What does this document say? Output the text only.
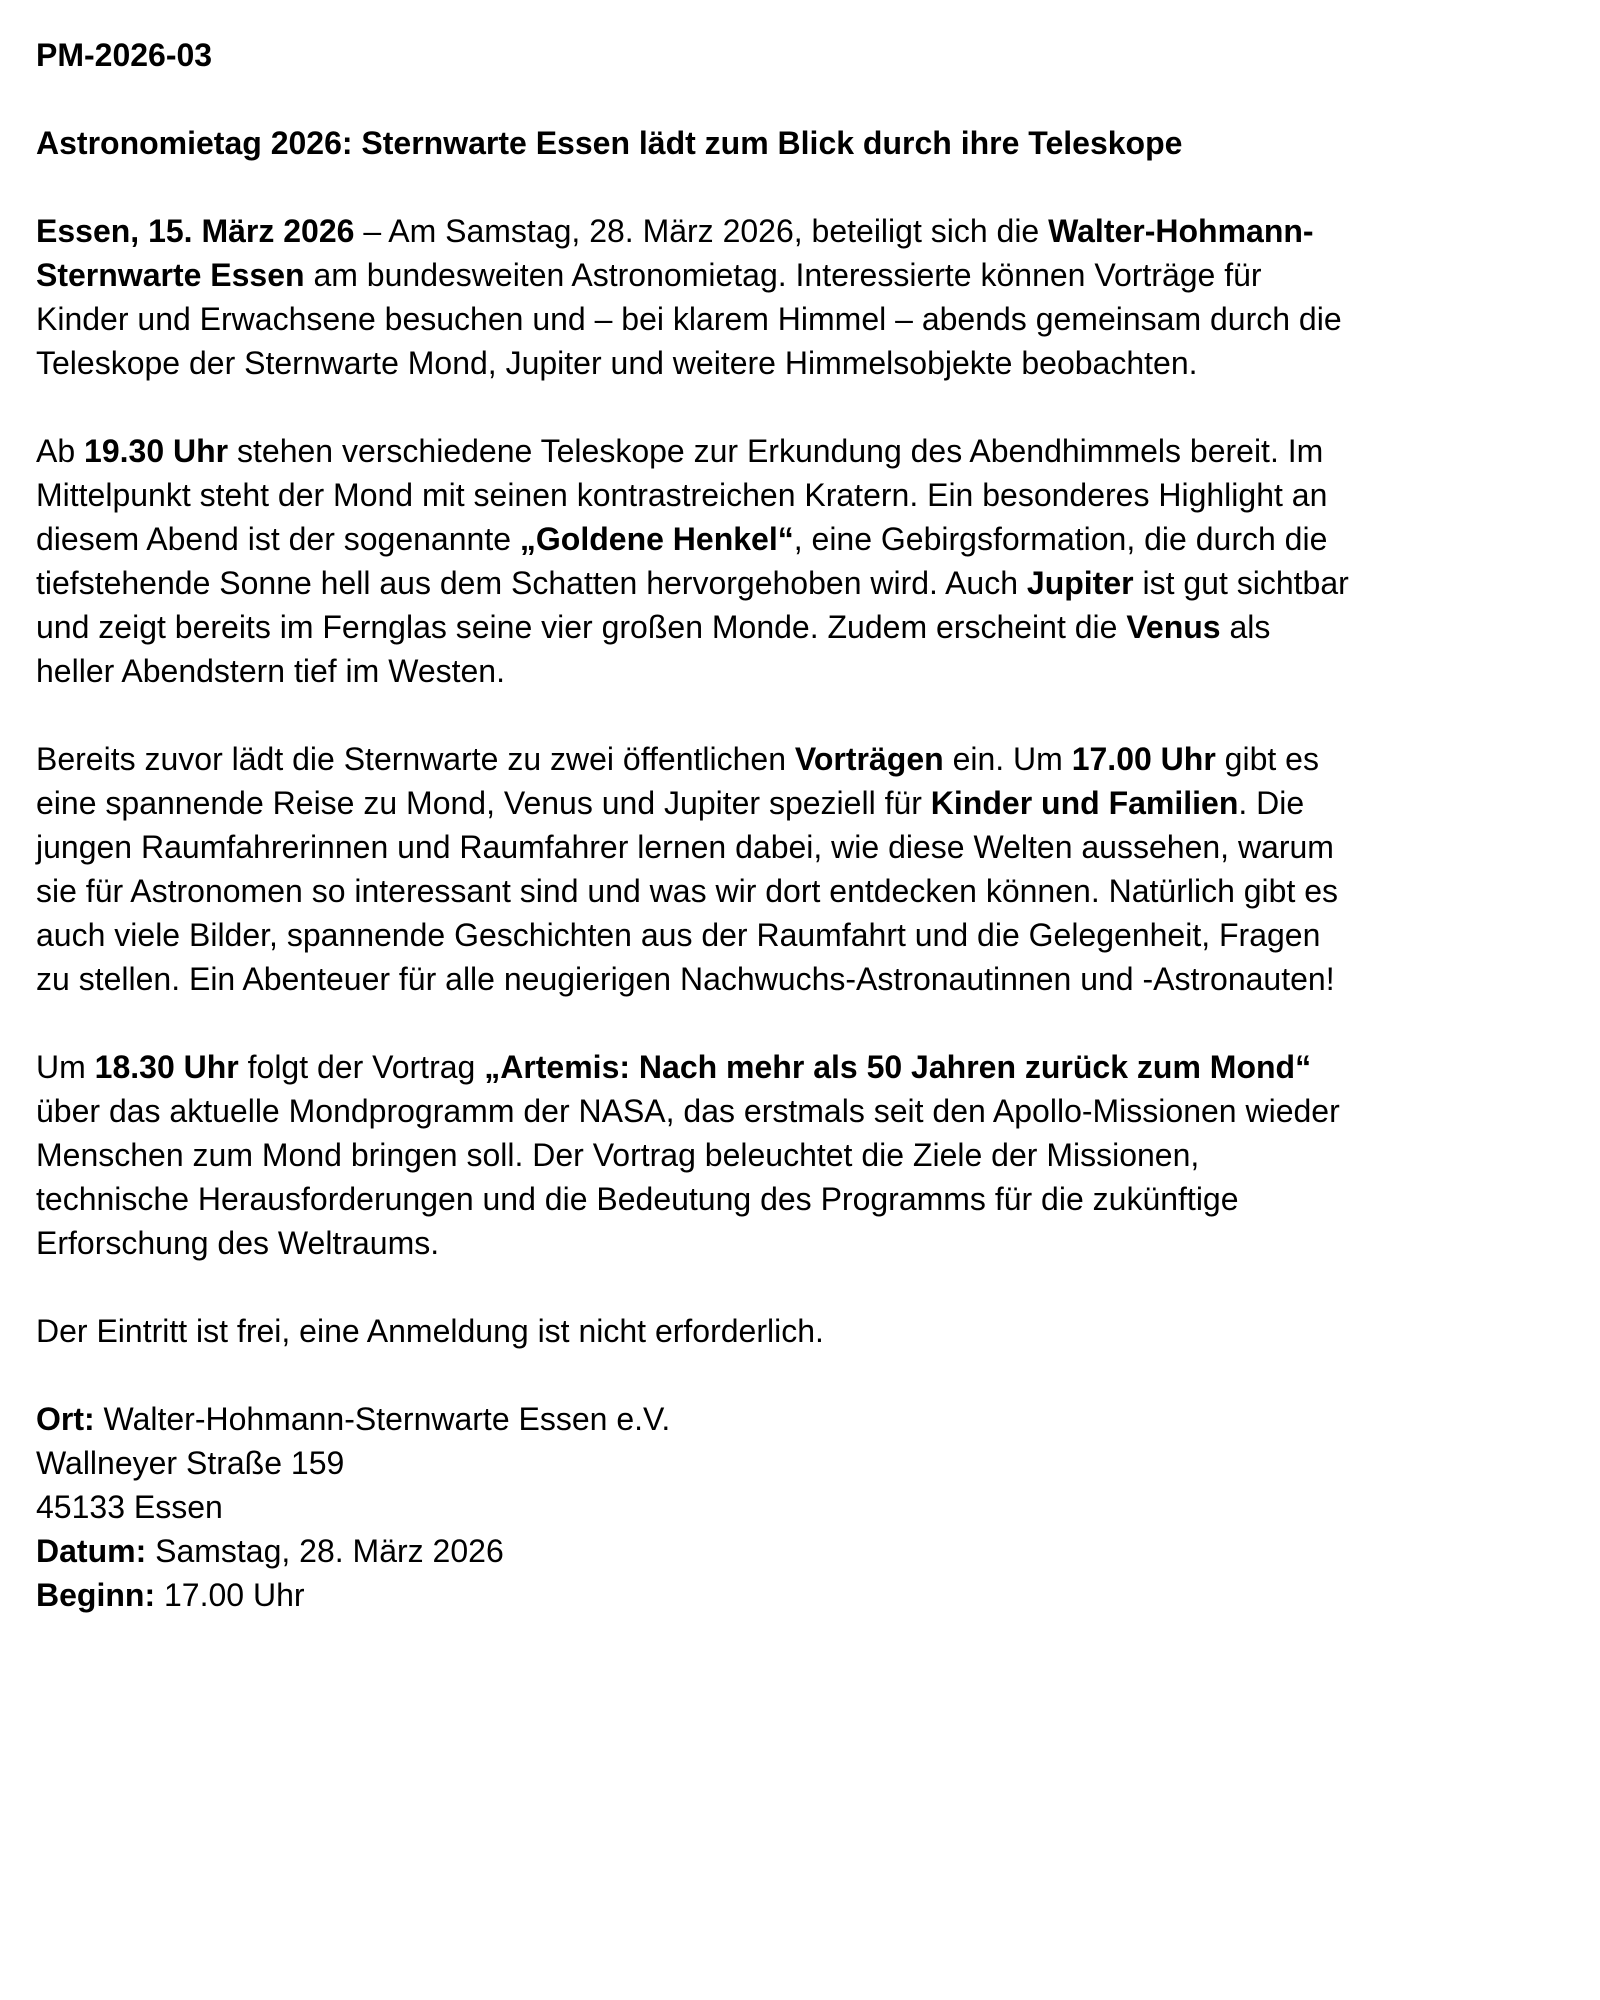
PM-2026-03
Astronomietag 2026: Sternwarte Essen lädt zum Blick durch ihre Teleskope
Essen, 15. März 2026 – Am Samstag, 28. März 2026, beteiligt sich die Walter-Hohmann-
Sternwarte Essen am bundesweiten Astronomietag. Interessierte können Vorträge für
Kinder und Erwachsene besuchen und – bei klarem Himmel – abends gemeinsam durch die
Teleskope der Sternwarte Mond, Jupiter und weitere Himmelsobjekte beobachten.
Ab 19.30 Uhr stehen verschiedene Teleskope zur Erkundung des Abendhimmels bereit. Im
Mittelpunkt steht der Mond mit seinen kontrastreichen Kratern. Ein besonderes Highlight an
diesem Abend ist der sogenannte „Goldene Henkel“, eine Gebirgsformation, die durch die
tiefstehende Sonne hell aus dem Schatten hervorgehoben wird. Auch Jupiter ist gut sichtbar
und zeigt bereits im Fernglas seine vier großen Monde. Zudem erscheint die Venus als
heller Abendstern tief im Westen.
Bereits zuvor lädt die Sternwarte zu zwei öffentlichen Vorträgen ein. Um 17.00 Uhr gibt es
eine spannende Reise zu Mond, Venus und Jupiter speziell für Kinder und Familien. Die
jungen Raumfahrerinnen und Raumfahrer lernen dabei, wie diese Welten aussehen, warum
sie für Astronomen so interessant sind und was wir dort entdecken können. Natürlich gibt es
auch viele Bilder, spannende Geschichten aus der Raumfahrt und die Gelegenheit, Fragen
zu stellen. Ein Abenteuer für alle neugierigen Nachwuchs-Astronautinnen und -Astronauten!
Um 18.30 Uhr folgt der Vortrag „Artemis: Nach mehr als 50 Jahren zurück zum Mond“
über das aktuelle Mondprogramm der NASA, das erstmals seit den Apollo-Missionen wieder
Menschen zum Mond bringen soll. Der Vortrag beleuchtet die Ziele der Missionen,
technische Herausforderungen und die Bedeutung des Programms für die zukünftige
Erforschung des Weltraums.
Der Eintritt ist frei, eine Anmeldung ist nicht erforderlich.
Ort: Walter-Hohmann-Sternwarte Essen e.V.
Wallneyer Straße 159
45133 Essen
Datum: Samstag, 28. März 2026
Beginn: 17.00 Uhr
